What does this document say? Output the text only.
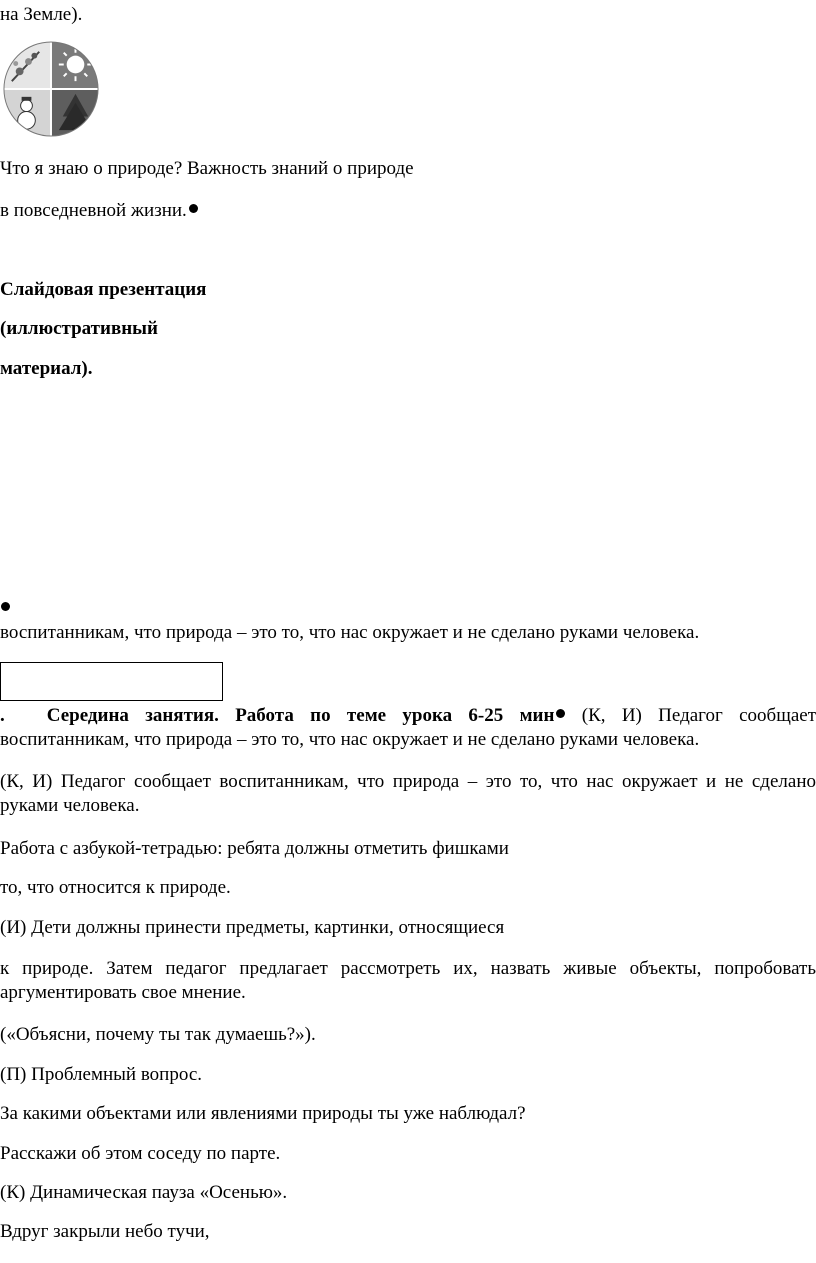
на Земле).
Что я знаю о природе? Важность знаний о природе
в повседневной жизни.
Слайдовая презентация
(иллюстративный
материал).
воспитанникам, что природа – это то, что нас окружает и не сделано руками человека.
. Середина занятия. Работа по теме урока 6-25 мин (К, И) Педагог сообщает воспитанникам, что природа – это то, что нас окружает и не сделано руками человека.
(К, И) Педагог сообщает воспитанникам, что природа – это то, что нас окружает и не сделано руками человека.
Работа с азбукой-тетрадью: ребята должны отметить фишками
то, что относится к природе.
(И) Дети должны принести предметы, картинки, относящиеся
к природе. Затем педагог предлагает рассмотреть их, назвать живые объекты, попробовать аргументировать свое мнение.
(«Объясни, почему ты так думаешь?»).
(П) Проблемный вопрос.
За какими объектами или явлениями природы ты уже наблюдал?
Расскажи об этом соседу по парте.
(К) Динамическая пауза «Осенью».
Вдруг закрыли небо тучи,
